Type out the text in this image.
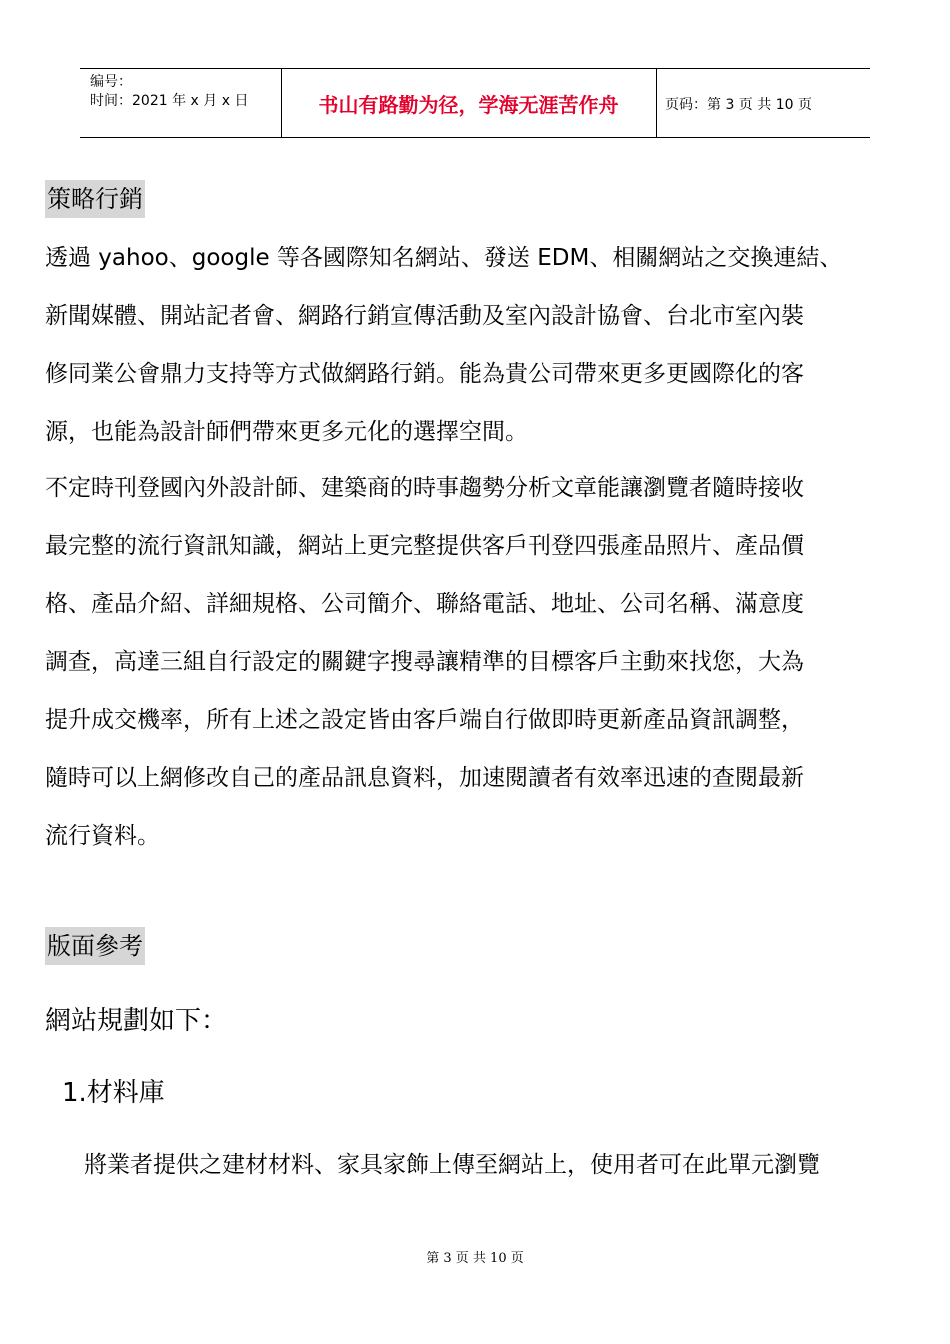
编号：
时间：2021 年 x 月 x 日	书山有路勤为径，学海无涯苦作舟	页码：第 3 页 共 10 页
策略行銷

透過 yahoo、google 等各國際知名網站、發送 EDM、相關網站之交換連結、

新聞媒體、開站記者會、網路行銷宣傳活動及室內設計協會、台北市室內裝

修同業公會鼎力支持等方式做網路行銷。能為貴公司帶來更多更國際化的客

源，也能為設計師們帶來更多元化的選擇空間。

不定時刊登國內外設計師、建築商的時事趨勢分析文章能讓瀏覽者隨時接收

最完整的流行資訊知識，網站上更完整提供客戶刊登四張產品照片、產品價

格、產品介紹、詳細規格、公司簡介、聯絡電話、地址、公司名稱、滿意度

調查，高達三組自行設定的關鍵字搜尋讓精準的目標客戶主動來找您，大為

提升成交機率，所有上述之設定皆由客戶端自行做即時更新產品資訊調整，

隨時可以上網修改自己的產品訊息資料，加速閱讀者有效率迅速的查閱最新

流行資料。

版面參考
網站規劃如下：
1.材料庫
將業者提供之建材材料、家具家飾上傳至網站上，使用者可在此單元瀏覽
第 3 页 共 10 页
